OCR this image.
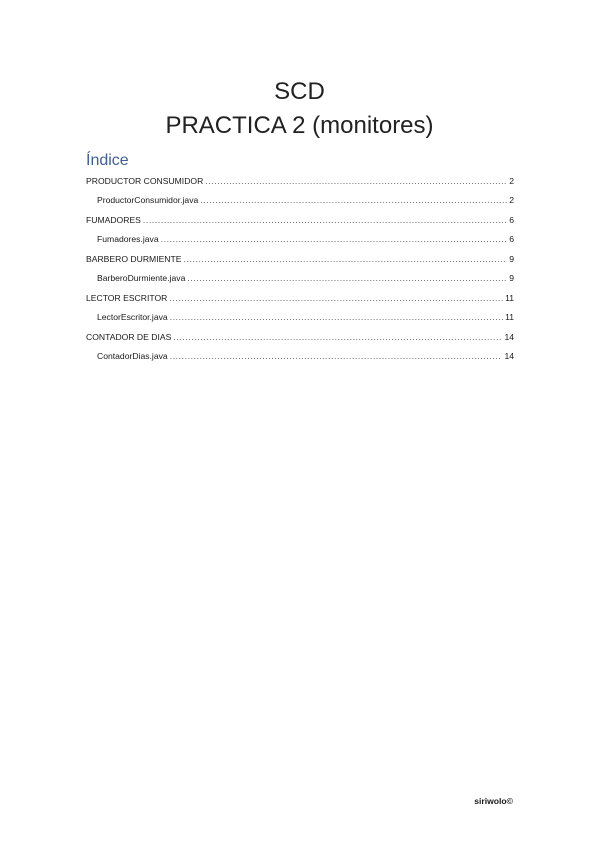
SCD
PRACTICA 2 (monitores)
Índice
PRODUCTOR CONSUMIDOR .....	2
ProductorConsumidor.java .....	2
FUMADORES .....	6
Fumadores.java .....	6
BARBERO DURMIENTE .....	9
BarberoDurmiente.java .....	9
LECTOR ESCRITOR .....	11
LectorEscritor.java .....	11
CONTADOR DE DIAS .....	14
ContadorDias.java .....	14
siriwolo©
